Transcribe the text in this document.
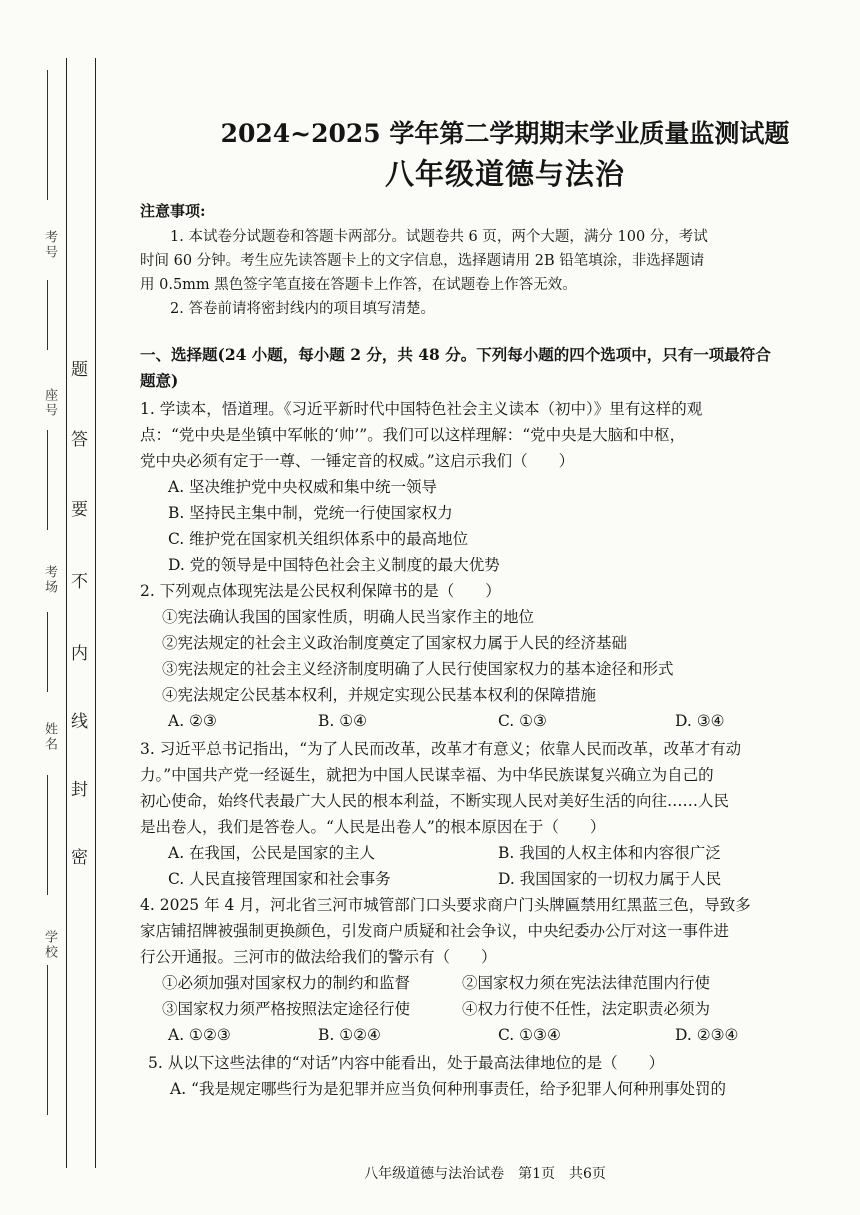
考号
座号
考场
姓名
学校
密
封
线
内
不
要
答
题
2024~2025 学年第二学期期末学业质量监测试题
八年级道德与法治
注意事项:
1. 本试卷分试题卷和答题卡两部分。试题卷共 6 页，两个大题，满分 100 分，考试
时间 60 分钟。考生应先读答题卡上的文字信息，选择题请用 2B 铅笔填涂，非选择题请
用 0.5mm 黑色签字笔直接在答题卡上作答，在试题卷上作答无效。
2. 答卷前请将密封线内的项目填写清楚。
一、选择题(24 小题，每小题 2 分，共 48 分。下列每小题的四个选项中，只有一项最符合
题意)
1. 学读本，悟道理。《习近平新时代中国特色社会主义读本（初中）》里有这样的观
点：“党中央是坐镇中军帐的‘帅’”。我们可以这样理解：“党中央是大脑和中枢，
党中央必须有定于一尊、一锤定音的权威。”这启示我们（　　）
A. 坚决维护党中央权威和集中统一领导
B. 坚持民主集中制，党统一行使国家权力
C. 维护党在国家机关组织体系中的最高地位
D. 党的领导是中国特色社会主义制度的最大优势
2. 下列观点体现宪法是公民权利保障书的是（　　）
①宪法确认我国的国家性质，明确人民当家作主的地位
②宪法规定的社会主义政治制度奠定了国家权力属于人民的经济基础
③宪法规定的社会主义经济制度明确了人民行使国家权力的基本途径和形式
④宪法规定公民基本权利，并规定实现公民基本权利的保障措施
A. ②③	B. ①④	C. ①③	D. ③④
3. 习近平总书记指出，“为了人民而改革，改革才有意义；依靠人民而改革，改革才有动
力。”中国共产党一经诞生，就把为中国人民谋幸福、为中华民族谋复兴确立为自己的
初心使命，始终代表最广大人民的根本利益，不断实现人民对美好生活的向往……人民
是出卷人，我们是答卷人。“人民是出卷人”的根本原因在于（　　）
A. 在我国，公民是国家的主人	B. 我国的人权主体和内容很广泛
C. 人民直接管理国家和社会事务	D. 我国国家的一切权力属于人民
4. 2025 年 4 月，河北省三河市城管部门口头要求商户门头牌匾禁用红黑蓝三色，导致多
家店铺招牌被强制更换颜色，引发商户质疑和社会争议，中央纪委办公厅对这一事件进
行公开通报。三河市的做法给我们的警示有（　　）
①必须加强对国家权力的制约和监督	②国家权力须在宪法法律范围内行使
③国家权力须严格按照法定途径行使	④权力行使不任性，法定职责必须为
A. ①②③	B. ①②④	C. ①③④	D. ②③④
5. 从以下这些法律的“对话”内容中能看出，处于最高法律地位的是（　　）
A. “我是规定哪些行为是犯罪并应当负何种刑事责任，给予犯罪人何种刑事处罚的
八年级道德与法治试卷　第1页　共6页
